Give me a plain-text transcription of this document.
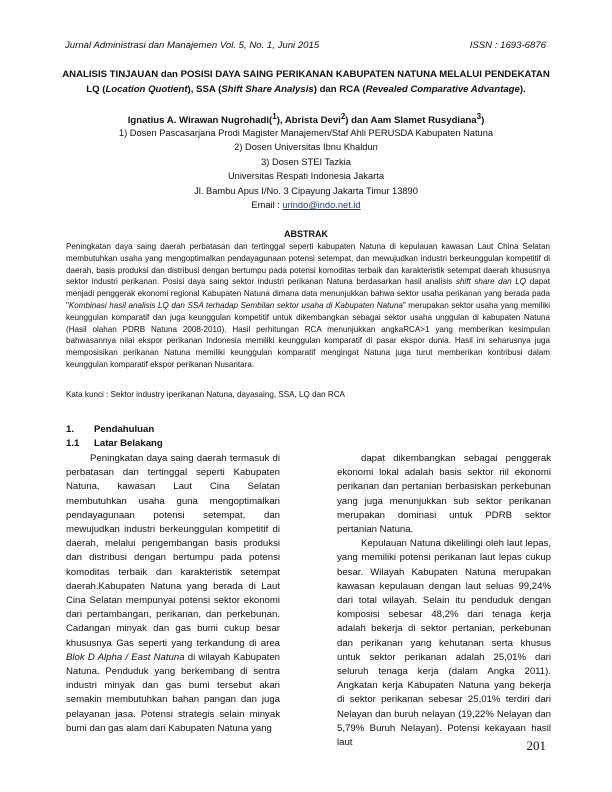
Jurnal Administrasi dan Manajemen Vol. 5, No. 1, Juni 2015	ISSN : 1693-6876
ANALISIS TINJAUAN dan POSISI DAYA SAING PERIKANAN KABUPATEN NATUNA MELALUI PENDEKATAN
LQ (Location Quotient), SSA (Shift Share Analysis) dan RCA (Revealed Comparative Advantage).
Ignatius A. Wirawan Nugrohadi($^1$), Abrista Devi$^2$) dan Aam Slamet Rusydiana$^3$)
1) Dosen Pascasarjana Prodi Magister Manajemen/Staf Ahli PERUSDA Kabupaten Natuna
2) Dosen Universitas Ibnu Khaldun
3) Dosen STEI Tazkia
Universitas Respati Indonesia Jakarta
Jl. Bambu Apus I/No. 3 Cipayung Jakarta Timur 13890
Email : urindo@indo.net.id
ABSTRAK
Peningkatan daya saing daerah perbatasan dan tertinggal seperti kabupaten Natuna di kepulauan kawasan Laut China Selatan membutuhkan usaha yang mengoptimalkan pendayagunaan potensi setempat, dan mewujudkan industri berkeunggulan kompetitif di daerah, basis produksi dan distribusi dengan bertumpu pada potensi komoditas terbaik dan karakteristik setempat daerah khususnya sektor industri perikanan. Posisi daya saing sektor industri perikanan Natuna berdasarkan hasil analisis shift share dan LQ dapat menjadi penggerak ekonomi regional Kabupaten Natuna dimana data menunjukkan bahwa sektor usaha perikanan yang berada pada "Kombinasi hasil analisis LQ dan SSA terhadap Sembilan sektor usaha di Kabupaten Natuna" merupakan sektor usaha yang memiliki keunggulan komparatif dan juga keunggulan kompetitif untuk dikembangkan sebagai sektor usaha unggulan di kabupaten Natuna (Hasil olahan PDRB Natuna 2008-2010). Hasil perhitungan RCA menunjukkan angkaRCA>1 yang memberikan kesimpulan bahwasannya nilai ekspor perikanan Indonesia memiliki keunggulan komparatif di pasar ekspor dunia. Hasil ini seharusnya juga memposisikan perikanan Natuna memiliki keunggulan komparatif mengingat Natuna juga turut memberikan kontribusi dalam keunggulan komparatif ekspor perikanan Nusantara.
Kata kunci : Sektor industry iperikanan Natuna, dayasaing, SSA, LQ dan RCA
1. Pendahuluan
1.1 Latar Belakang

Peningkatan daya saing daerah termasuk di perbatasan dan tertinggal seperti Kabupaten Natuna, kawasan Laut Cina Selatan membutuhkan usaha guna mengoptimalkan pendayagunaan potensi setempat, dan mewujudkan industri berkeunggulan kompetitif di daerah, melalui pengembangan basis produksi dan distribusi dengan bertumpu pada potensi komoditas terbaik dan karakteristik setempat daerah.Kabupaten Natuna yang berada di Laut Cina Selatan mempunyai potensi sektor ekonomi dari pertambangan, perikanan, dan perkebunan. Cadangan minyak dan gas bumi cukup besar khususnya Gas seperti yang terkandung di area Blok D Alpha / East Natuna di wilayah Kabupaten Natuna. Penduduk yang berkembang di sentra industri minyak dan gas bumi tersebut akan semakin membutuhkan bahan pangan dan juga pelayanan jasa. Potensi strategis selain minyak bumi dan gas alam dari Kabupaten Natuna yang

dapat dikembangkan sebagai penggerak ekonomi lokal adalah basis sektor riil ekonomi perikanan dan pertanian berbasiskan perkebunan yang juga menunjukkan sub sektor perikanan merupakan dominasi untuk PDRB sektor pertanian Natuna.

Kepulauan Natuna dikelilingi oleh laut lepas, yang memiliki potensi perikanan laut lepas cukup besar. Wilayah Kabupaten Natuna merupakan kawasan kepulauan dengan laut seluas 99,24% dari total wilayah. Selain itu penduduk dengan komposisi sebesar 48,2% dari tenaga kerja adalah bekerja di sektor pertanian, perkebunan dan perikanan yang kehutanan serta khusus untuk sektor perikanan adalah 25,01% dari seluruh tenaga kerja (dalam Angka 2011). Angkatan kerja Kabupaten Natuna yang bekerja di sektor perikanan sebesar 25,01% terdiri dari Nelayan dan buruh nelayan (19,22% Nelayan dan 5,79% Buruh Nelayan). Potensi kekayaan hasil laut	201
